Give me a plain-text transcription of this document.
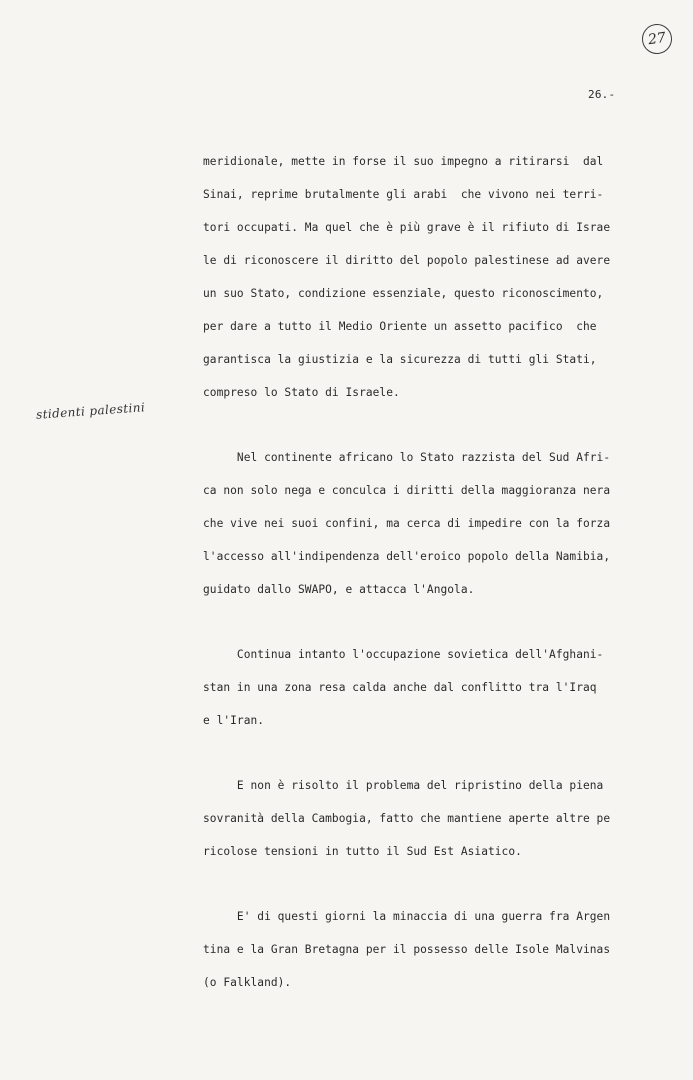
27
26.-
stidenti palestini
meridionale, mette in forse il suo impegno a ritirarsi  dal
Sinai, reprime brutalmente gli arabi  che vivono nei terri-
tori occupati. Ma quel che è più grave è il rifiuto di Israe
le di riconoscere il diritto del popolo palestinese ad avere
un suo Stato, condizione essenziale, questo riconoscimento,
per dare a tutto il Medio Oriente un assetto pacifico  che
garantisca la giustizia e la sicurezza di tutti gli Stati,
compreso lo Stato di Israele.
Nel continente africano lo Stato razzista del Sud Afri-
ca non solo nega e conculca i diritti della maggioranza nera
che vive nei suoi confini, ma cerca di impedire con la forza
l'accesso all'indipendenza dell'eroico popolo della Namibia,
guidato dallo SWAPO, e attacca l'Angola.
Continua intanto l'occupazione sovietica dell'Afghani-
stan in una zona resa calda anche dal conflitto tra l'Iraq
e l'Iran.
E non è risolto il problema del ripristino della piena
sovranità della Cambogia, fatto che mantiene aperte altre pe
ricolose tensioni in tutto il Sud Est Asiatico.
E' di questi giorni la minaccia di una guerra fra Argen
tina e la Gran Bretagna per il possesso delle Isole Malvinas
(o Falkland).
